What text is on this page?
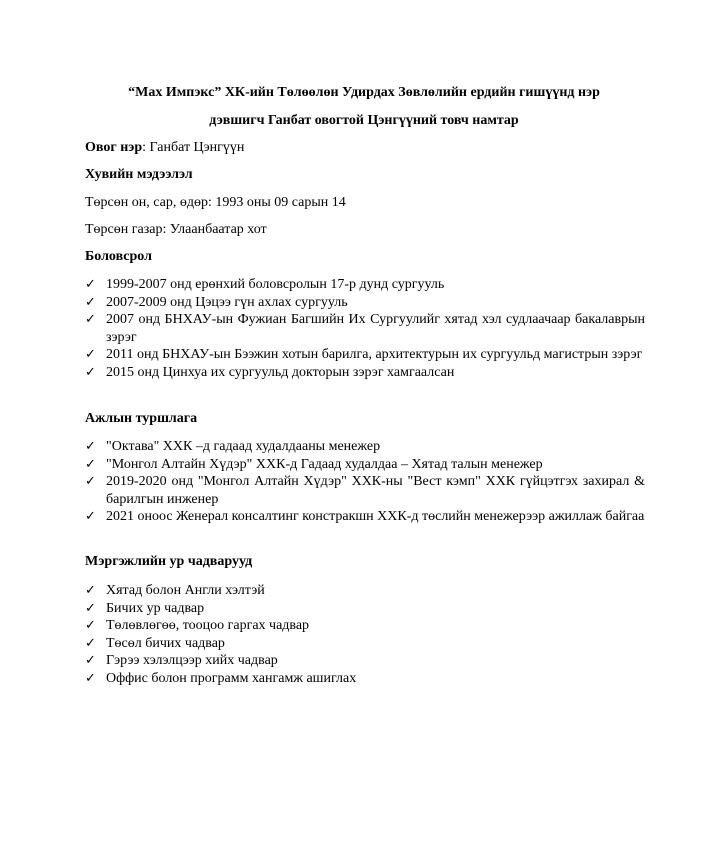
“Max Импэкс” ХК-ийн Төлөөлөн Удирдах Зөвлөлийн ердийн гишүүнд нэр

дэвшигч Ганбат овогтой Цэнгүүний товч намтар

Овог нэр: Ганбат Цэнгүүн

Хувийн мэдээлэл

Төрсөн он, сар, өдөр: 1993 оны 09 сарын 14

Төрсөн газар: Улаанбаатар хот

Боловсрол

✓ 1999-2007 онд ерөнхий боловсролын 17-р дунд сургууль
✓ 2007-2009 онд Цэцээ гүн ахлах сургууль
✓ 2007 онд БНХАУ-ын Фужиан Багшийн Их Сургуулийг хятад хэл судлаачаар бакалаврын зэрэг
✓ 2011 онд БНХАУ-ын Бээжин хотын барилга, архитектурын их сургуульд магистрын зэрэг
✓ 2015 онд Цинхуа их сургуульд докторын зэрэг хамгаалсан

Ажлын туршлага

✓ "Октава" ХХК –д гадаад худалдааны менежер
✓ "Монгол Алтайн Хүдэр" ХХК-д Гадаад худалдаа – Хятад талын менежер
✓ 2019-2020 онд "Монгол Алтайн Хүдэр" ХХК-ны "Вест кэмп" ХХК гүйцэтгэх захирал & барилгын инженер
✓ 2021 оноос Женерал консалтинг констракшн ХХК-д төслийн менежерээр ажиллаж байгаа

Мэргэжлийн ур чадварууд

✓ Хятад болон Англи хэлтэй
✓ Бичих ур чадвар
✓ Төлөвлөгөө, тооцоо гаргах чадвар
✓ Төсөл бичих чадвар
✓ Гэрээ хэлэлцээр хийх чадвар
✓ Оффис болон программ хангамж ашиглах
